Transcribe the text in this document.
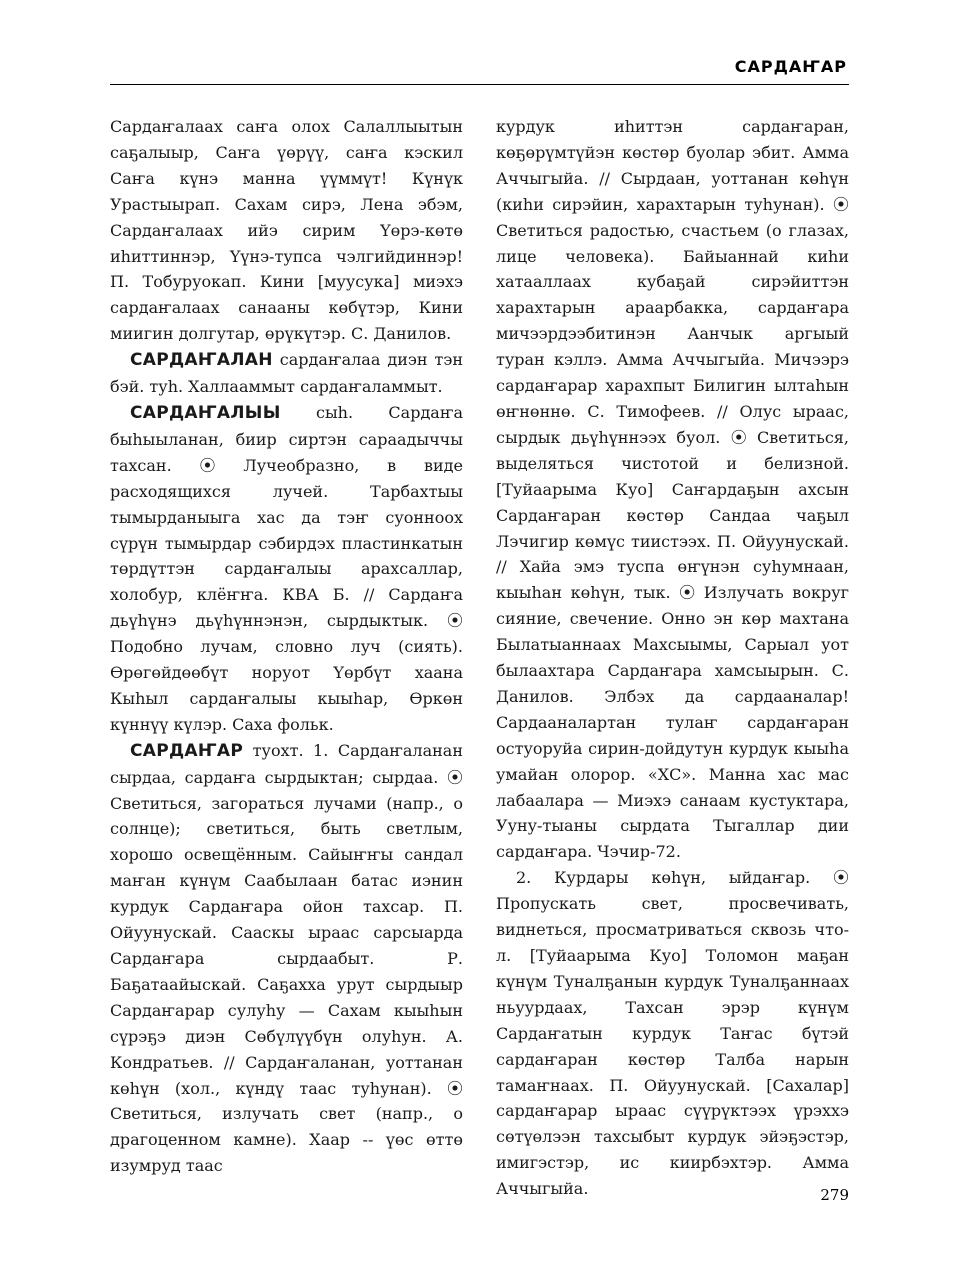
САРДАҤАР

Сардаҥалаах саҥа олох Салаллыытын саҕалыыр, Саҥа үөрүү, саҥа кэскил Саҥа күнэ манна үүммүт! Күнүк Урастыырап. Сахам сирэ, Лена эбэм, Сардаҥалаах ийэ сирим Үөрэ-көтө иһиттиннэр, Үүнэ-тупса чэлгийдиннэр! П. Тобуруокап. Кини [муусука] миэхэ сардаҥалаах санааны көбүтэр, Кини миигин долгутар, өрүкүтэр. С. Данилов.

САРДАҤАЛАН сардаҥалаа диэн тэн бэй. туһ. Халлааммыт сардаҥаламмыт.

САРДАҤАЛЫЫ сыһ. Сардаҥа быһыыланан, биир сиртэн сараадыччы тахсан. ⦿ Лучеобразно, в виде расходящихся лучей. Тарбахтыы тымырданыыга хас да тэҥ суонноох сүрүн тымырдар сэбирдэх пластинкатын төрдүттэн сардаҥалыы арахсаллар, холобур, клёҥҥа. КВА Б. // Сардаҥа дьүһүнэ дьүһүннэнэн, сырдыктык. ⦿ Подобно лучам, словно луч (сиять). Өрөгөйдөөбүт норуот Үөрбүт хаана Кыһыл сардаҥалыы кыыһар, Өркөн күннүү күлэр. Саха фольк.

САРДАҤАР туохт. 1. Сардаҥаланан сырдаа, сардаҥа сырдыктан; сырдаа. ⦿ Светиться, загораться лучами (напр., о солнце); светиться, быть светлым, хорошо освещённым. Сайыҥҥы сандал маҥан күнүм Саабылаан батас иэнин курдук Сардаҥара ойон тахсар. П. Ойуунускай. Сааскы ыраас сарсыарда Сардаҥара сырдаабыт. Р. Баҕатаайыскай. Саҕахха урут сырдыыр Сардаҥарар сулуһу — Сахам кыыһын сүрэҕэ диэн Сөбүлүүбүн олуһун. А. Кондратьев. // Сардаҥаланан, уоттанан көһүн (хол., күндү таас туһунан). ⦿ Светиться, излучать свет (напр., о драгоценном камне). Хаар -- үөс өттө изумруд таас

курдук иһиттэн сардаҥаран, көҕөрүмтүйэн көстөр буолар эбит. Амма Аччыгыйа. // Сырдаан, уоттанан көһүн (киһи сирэйин, харахтарын туһунан). ⦿ Светиться радостью, счастьем (о глазах, лице человека). Байыаннай киһи хатааллаах кубаҕай сирэйиттэн харахтарын араарбакка, сардаҥара мичээрдээбитинэн Аанчык аргыый туран кэллэ. Амма Аччыгыйа. Мичээрэ сардаҥарар харахпыт Билигин ылтаһын өҥнөннө. С. Тимофеев. // Олус ыраас, сырдык дьүһүннээх буол. ⦿ Светиться, выделяться чистотой и белизной. [Туйаарыма Куо] Саҥардаҕын ахсын Сардаҥаран көстөр Сандаа чаҕыл Лэчигир көмүс тиистээх. П. Ойуунускай. // Хайа эмэ туспа өҥүнэн суһумнаан, кыыһан көһүн, тык. ⦿ Излучать вокруг сияние, свечение. Онно эн көр махтана Былатыаннаах Махсыымы, Сарыал уот былаахтара Сардаҥара хамсыырын. С. Данилов. Элбэх да сардааналар! Сардааналартан тулаҥ сардаҥаран остуоруйа сирин-дойдутун курдук кыыһа умайан олорор. «ХС». Манна хас мас лабаалара — Миэхэ санаам кустуктара, Ууну-тыаны сырдата Тыгаллар дии сардаҥара. Чэчир-72.

2. Курдары көһүн, ыйдаҥар. ⦿ Пропускать свет, просвечивать, виднеться, просматриваться сквозь что-л. [Туйаарыма Куо] Толомон маҕан күнүм Туналҕанын курдук Туналҕаннаах ньуурдаах, Тахсан эрэр күнүм Сардаҥатын курдук Таҥас бүтэй сардаҥаран көстөр Талба нарын тамаҥнаах. П. Ойуунускай. [Сахалар] сардаҥарар ыраас сүүрүктээх үрэххэ сөтүөлээн тахсыбыт курдук эйэҕэстэр, имигэстэр, ис киирбэхтэр. Амма Аччыгыйа.	279
